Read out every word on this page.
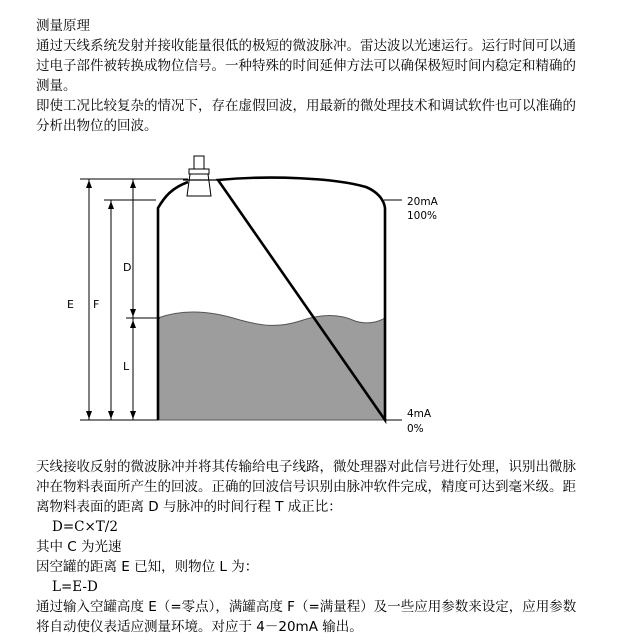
测量原理
通过天线系统发射并接收能量很低的极短的微波脉冲。雷达波以光速运行。运行时间可以通
过电子部件被转换成物位信号。一种特殊的时间延伸方法可以确保极短时间内稳定和精确的
测量。
即使工况比较复杂的情况下，存在虚假回波，用最新的微处理技术和调试软件也可以准确的
分析出物位的回波。
E F
D
L
20mA
100%
4mA
0%
天线接收反射的微波脉冲并将其传输给电子线路，微处理器对此信号进行处理，识别出微脉
冲在物料表面所产生的回波。正确的回波信号识别由脉冲软件完成，精度可达到毫米级。距
离物料表面的距离 D 与脉冲的时间行程 T 成正比：
D=C×T/2
其中 C 为光速
因空罐的距离 E 已知，则物位 L 为：
L=E-D
通过输入空罐高度 E（=零点），满罐高度 F（=满量程）及一些应用参数来设定，应用参数
将自动使仪表适应测量环境。对应于 4－20mA 输出。
